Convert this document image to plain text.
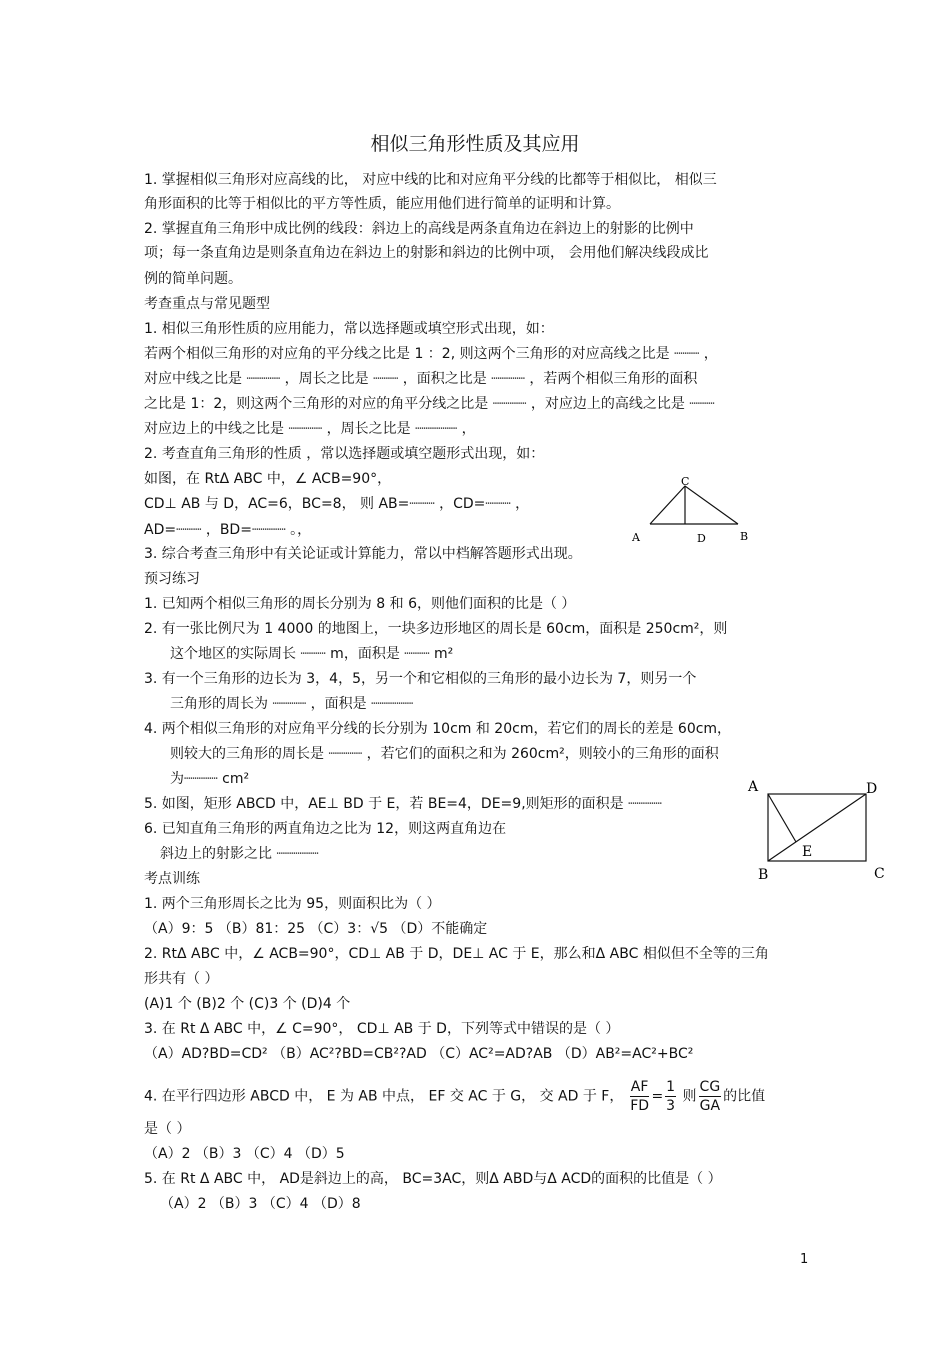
相似三角形性质及其应用
1. 掌握相似三角形对应高线的比， 对应中线的比和对应角平分线的比都等于相似比， 相似三
角形面积的比等于相似比的平方等性质，能应用他们进行简单的证明和计算。
2. 掌握直角三角形中成比例的线段：斜边上的高线是两条直角边在斜边上的射影的比例中
项；每一条直角边是则条直角边在斜边上的射影和斜边的比例中项， 会用他们解决线段成比
例的简单问题。
考查重点与常见题型
1. 相似三角形性质的应用能力，常以选择题或填空形式出现，如：
若两个相似三角形的对应角的平分线之比是 1 ：2, 则这两个三角形的对应高线之比是 ┈┈┈ ，
对应中线之比是 ┈┈┈┈ ，周长之比是 ┈┈┈ ，面积之比是 ┈┈┈┈ ，若两个相似三角形的面积
之比是 1：2，则这两个三角形的对应的角平分线之比是 ┈┈┈┈ ，对应边上的高线之比是 ┈┈┈
对应边上的中线之比是 ┈┈┈┈ ，周长之比是 ┈┈┈┈┈ ，
2. 考查直角三角形的性质 ，常以选择题或填空题形式出现，如：
如图，在 RtΔ ABC 中，∠ ACB=90°，
CD⊥ AB 与 D，AC=6，BC=8， 则 AB=┈┈┈ ，CD=┈┈┈ ，
AD=┈┈┈ ，BD=┈┈┈┈ 。，
3. 综合考查三角形中有关论证或计算能力，常以中档解答题形式出现。
预习练习
1. 已知两个相似三角形的周长分别为 8 和 6，则他们面积的比是（ ）
2. 有一张比例尺为 1 4000 的地图上，一块多边形地区的周长是 60cm，面积是 250cm²，则
这个地区的实际周长 ┈┈┈ m，面积是 ┈┈┈ m²
3. 有一个三角形的边长为 3，4，5，另一个和它相似的三角形的最小边长为 7，则另一个
三角形的周长为 ┈┈┈┈ ，面积是 ┈┈┈┈┈
4. 两个相似三角形的对应角平分线的长分别为 10cm 和 20cm，若它们的周长的差是 60cm，
则较大的三角形的周长是 ┈┈┈┈ ，若它们的面积之和为 260cm²，则较小的三角形的面积
为┈┈┈┈ cm²
5. 如图，矩形 ABCD 中，AE⊥ BD 于 E，若 BE=4，DE=9,则矩形的面积是 ┈┈┈┈
6. 已知直角三角形的两直角边之比为 12，则这两直角边在
斜边上的射影之比 ┈┈┈┈┈
考点训练
1. 两个三角形周长之比为 95，则面积比为（ ）
（A）9：5 （B）81：25 （C）3：√5 （D）不能确定
2. RtΔ ABC 中，∠ ACB=90°，CD⊥ AB 于 D，DE⊥ AC 于 E，那么和Δ ABC 相似但不全等的三角
形共有（ ）
(A)1 个 (B)2 个 (C)3 个 (D)4 个
3. 在 Rt Δ ABC 中，∠ C=90°， CD⊥ AB 于 D，下列等式中错误的是（ ）
（A）AD?BD=CD² （B）AC²?BD=CB²?AD （C）AC²=AD?AB （D）AB²=AC²+BC²
是（ ）
（A）2 （B）3 （C）4 （D）5
5. 在 Rt Δ ABC 中， AD是斜边上的高， BC=3AC，则Δ ABD与Δ ACD的面积的比值是（ ）
（A）2 （B）3 （C）4 （D）8
4. 在平行四边形 ABCD 中， E 为 AB 中点， EF 交 AC 于 G， 交 AD 于 F， $\frac{AF}{FD} = \frac{1}{3}$ 则 $\frac{CG}{GA}$ 的比值
C
A	D	B
A	D
E
B	C
1
